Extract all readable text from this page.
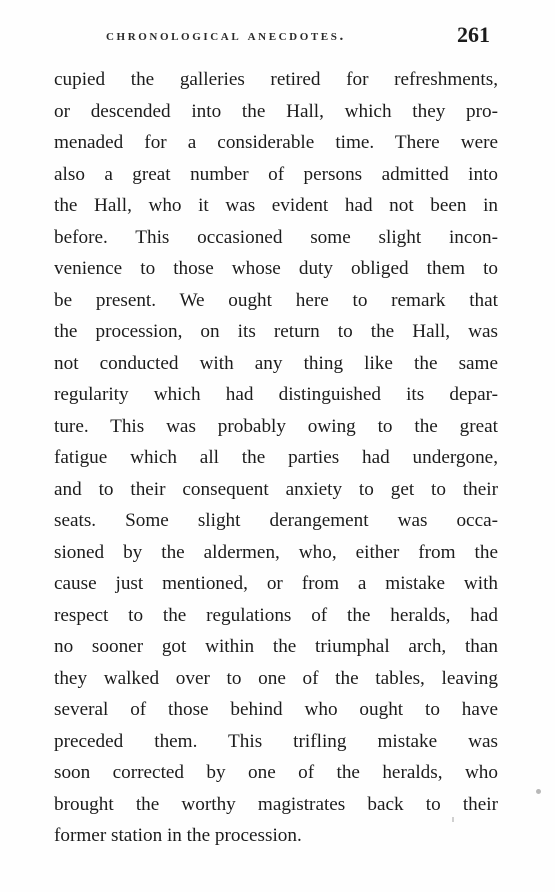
chronological anecdotes.	261
cupied the galleries retired for refreshments,
or descended into the Hall, which they pro-
menaded for a considerable time. There were
also a great number of persons admitted into
the Hall, who it was evident had not been in
before. This occasioned some slight incon-
venience to those whose duty obliged them to
be present. We ought here to remark that
the procession, on its return to the Hall, was
not conducted with any thing like the same
regularity which had distinguished its depar-
ture. This was probably owing to the great
fatigue which all the parties had undergone,
and to their consequent anxiety to get to their
seats. Some slight derangement was occa-
sioned by the aldermen, who, either from the
cause just mentioned, or from a mistake with
respect to the regulations of the heralds, had
no sooner got within the triumphal arch, than
they walked over to one of the tables, leaving
several of those behind who ought to have
preceded them. This trifling mistake was
soon corrected by one of the heralds, who
brought the worthy magistrates back to their
former station in the procession.
